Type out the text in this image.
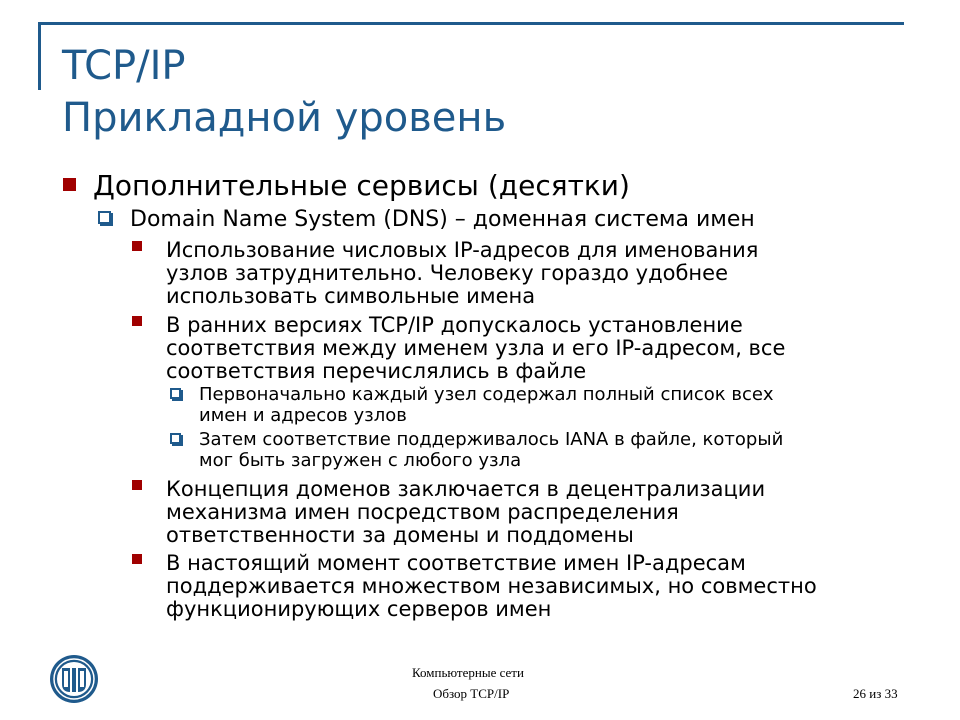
TCP/IP
Прикладной уровень
Дополнительные сервисы (десятки)
Domain Name System (DNS) – доменная система имен
Использование числовых IP-адресов для именования
узлов затруднительно. Человеку гораздо удобнее
использовать символьные имена
В ранних версиях TCP/IP допускалось установление
соответствия между именем узла и его IP-адресом, все
соответствия перечислялись в файле
Первоначально каждый узел содержал полный список всех
имен и адресов узлов
Затем соответствие поддерживалось IANA в файле, который
мог быть загружен с любого узла
Концепция доменов заключается в децентрализации
механизма имен посредством распределения
ответственности за домены и поддомены
В настоящий момент соответствие имен IP-адресам
поддерживается множеством независимых, но совместно
функционирующих серверов имен
Компьютерные сети
Обзор TCP/IP	26 из 33
